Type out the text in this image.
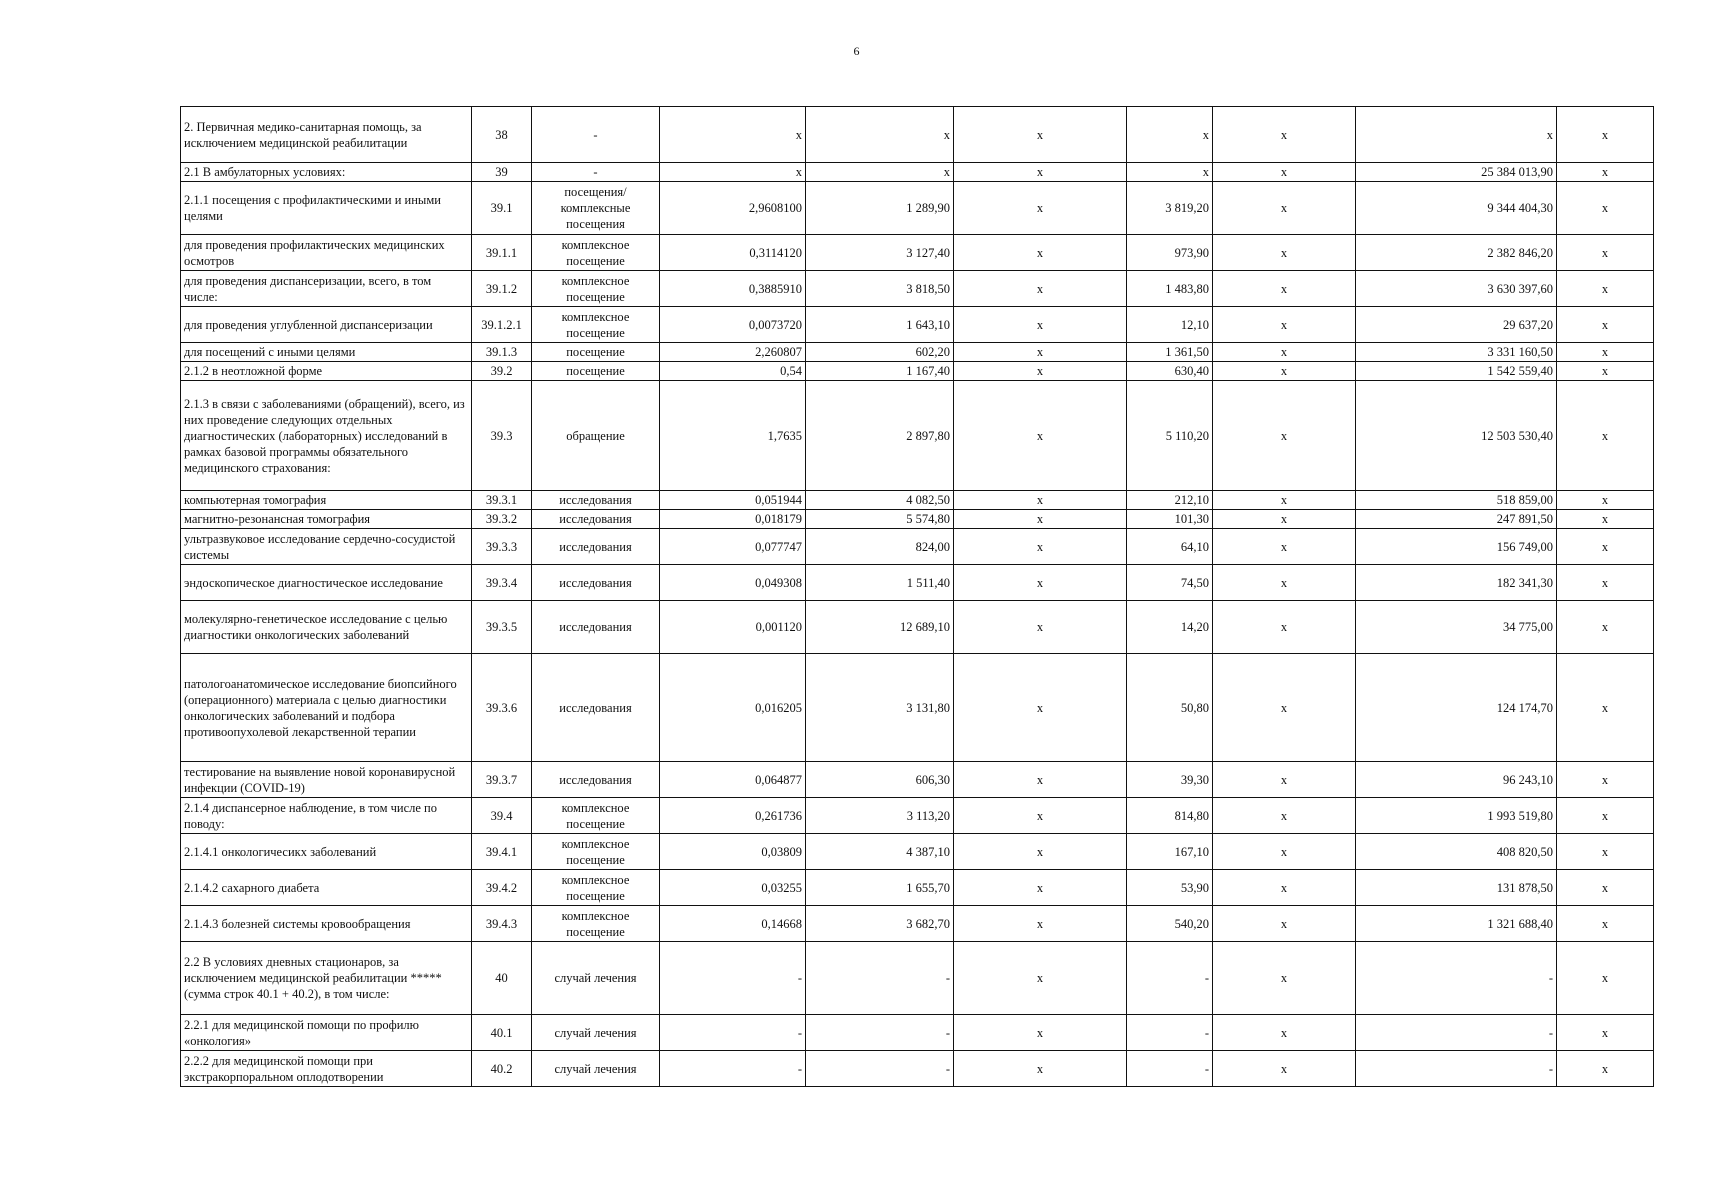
6
2. Первичная медико-санитарная помощь, за исключением медицинской реабилитации	38	-	x	x	x	x	x	x	x
2.1 В амбулаторных условиях:	39	-	x	x	x	x	x	25 384 013,90	x
2.1.1 посещения с профилактическими и иными целями	39.1	посещения/комплексные посещения	2,9608100	1 289,90	x	3 819,20	x	9 344 404,30	x
для проведения профилактических медицинских осмотров	39.1.1	комплексное посещение	0,3114120	3 127,40	x	973,90	x	2 382 846,20	x
для проведения диспансеризации, всего, в том числе:	39.1.2	комплексное посещение	0,3885910	3 818,50	x	1 483,80	x	3 630 397,60	x
для проведения углубленной диспансеризации	39.1.2.1	комплексное посещение	0,0073720	1 643,10	x	12,10	x	29 637,20	x
для посещений с иными целями	39.1.3	посещение	2,260807	602,20	x	1 361,50	x	3 331 160,50	x
2.1.2 в неотложной форме	39.2	посещение	0,54	1 167,40	x	630,40	x	1 542 559,40	x
2.1.3 в связи с заболеваниями (обращений), всего, из них проведение следующих отдельных диагностических (лабораторных) исследований в рамках базовой программы обязательного медицинского страхования:	39.3	обращение	1,7635	2 897,80	x	5 110,20	x	12 503 530,40	x
компьютерная томография	39.3.1	исследования	0,051944	4 082,50	x	212,10	x	518 859,00	x
магнитно-резонансная томография	39.3.2	исследования	0,018179	5 574,80	x	101,30	x	247 891,50	x
ультразвуковое исследование сердечно-сосудистой системы	39.3.3	исследования	0,077747	824,00	x	64,10	x	156 749,00	x
эндоскопическое диагностическое исследование	39.3.4	исследования	0,049308	1 511,40	x	74,50	x	182 341,30	x
молекулярно-генетическое исследование с целью диагностики онкологических заболеваний	39.3.5	исследования	0,001120	12 689,10	x	14,20	x	34 775,00	x
патологоанатомическое исследование биопсийного (операционного) материала с целью диагностики онкологических заболеваний и подбора противоопухолевой лекарственной терапии	39.3.6	исследования	0,016205	3 131,80	x	50,80	x	124 174,70	x
тестирование на выявление новой коронавирусной инфекции (COVID-19)	39.3.7	исследования	0,064877	606,30	x	39,30	x	96 243,10	x
2.1.4 диспансерное наблюдение, в том числе по поводу:	39.4	комплексное посещение	0,261736	3 113,20	x	814,80	x	1 993 519,80	x
2.1.4.1 онкологичесикх заболеваний	39.4.1	комплексное посещение	0,03809	4 387,10	x	167,10	x	408 820,50	x
2.1.4.2 сахарного диабета	39.4.2	комплексное посещение	0,03255	1 655,70	x	53,90	x	131 878,50	x
2.1.4.3 болезней системы кровообращения	39.4.3	комплексное посещение	0,14668	3 682,70	x	540,20	x	1 321 688,40	x
2.2 В условиях дневных стационаров, за исключением медицинской реабилитации ***** (сумма строк 40.1 + 40.2), в том числе:	40	случай лечения	-	-	x	-	x	-	x
2.2.1 для медицинской помощи по профилю «онкология»	40.1	случай лечения	-	-	x	-	x	-	x
2.2.2 для медицинской помощи при экстракорпоральном оплодотворении	40.2	случай лечения	-	-	x	-	x	-	x
